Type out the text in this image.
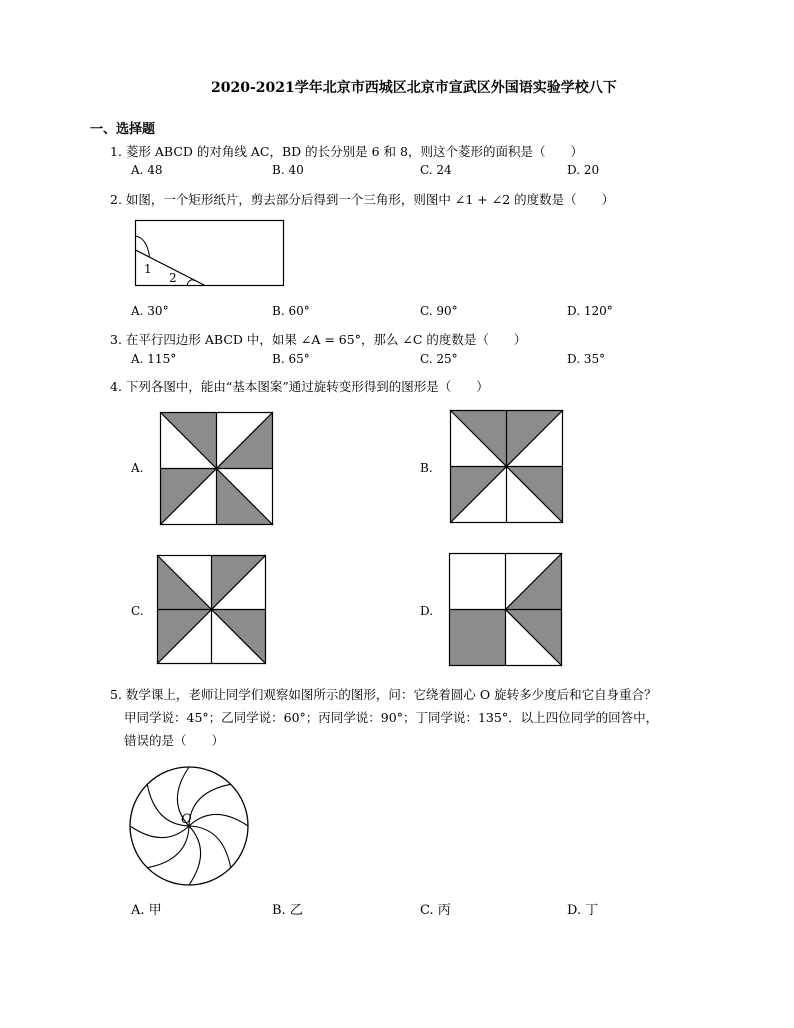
2020-2021学年北京市西城区北京市宣武区外国语实验学校八下
一、选择题
1. 菱形 ABCD 的对角线 AC，BD 的长分别是 6 和 8，则这个菱形的面积是（　　）
A. 48	B. 40	C. 24	D. 20
2. 如图，一个矩形纸片，剪去部分后得到一个三角形，则图中 ∠1 + ∠2 的度数是（　　）
1
2
A. 30°	B. 60°	C. 90°	D. 120°
3. 在平行四边形 ABCD 中，如果 ∠A = 65°，那么 ∠C 的度数是（　　）
A. 115°	B. 65°	C. 25°	D. 35°
4. 下列各图中，能由“基本图案”通过旋转变形得到的图形是（　　）
A.	B.
C.	D.
5. 数学课上，老师让同学们观察如图所示的图形，问：它绕着圆心 O 旋转多少度后和它自身重合？
甲同学说：45°；乙同学说：60°；丙同学说：90°；丁同学说：135°．以上四位同学的回答中，
错误的是（　　）
O
A. 甲	B. 乙	C. 丙	D. 丁
